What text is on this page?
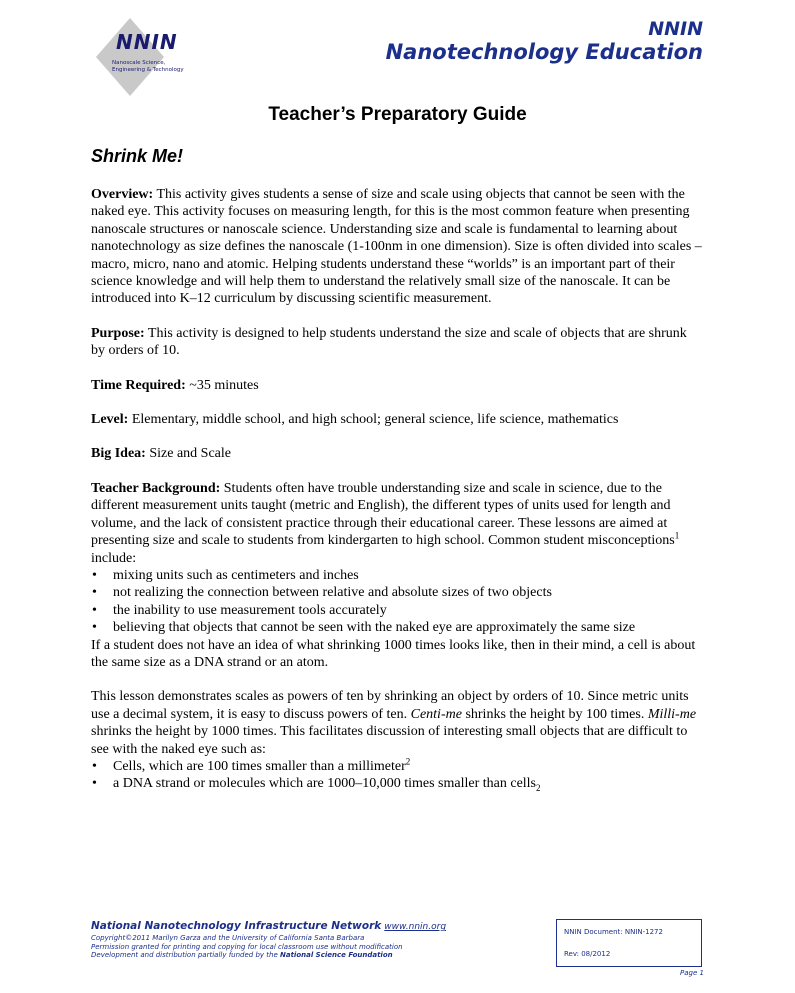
NNIN
Nanoscale Science,
Engineering & Technology
NNIN
Nanotechnology Education
Teacher’s Preparatory Guide
Shrink Me!

Overview: This activity gives students a sense of size and scale using objects that cannot be seen with the naked eye. This activity focuses on measuring length, for this is the most common feature when presenting nanoscale structures or nanoscale science. Understanding size and scale is fundamental to learning about nanotechnology as size defines the nanoscale (1-100nm in one dimension). Size is often divided into scales – macro, micro, nano and atomic. Helping students understand these “worlds” is an important part of their science knowledge and will help them to understand the relatively small size of the nanoscale. It can be introduced into K–12 curriculum by discussing scientific measurement.

Purpose: This activity is designed to help students understand the size and scale of objects that are shrunk by orders of 10.

Time Required: ~35 minutes

Level: Elementary, middle school, and high school; general science, life science, mathematics

Big Idea: Size and Scale

Teacher Background: Students often have trouble understanding size and scale in science, due to the different measurement units taught (metric and English), the different types of units used for length and volume, and the lack of consistent practice through their educational career. These lessons are aimed at presenting size and scale to students from kindergarten to high school. Common student misconceptions$^1$ include:

• mixing units such as centimeters and inches
• not realizing the connection between relative and absolute sizes of two objects
• the inability to use measurement tools accurately
• believing that objects that cannot be seen with the naked eye are approximately the same size

If a student does not have an idea of what shrinking 1000 times looks like, then in their mind, a cell is about the same size as a DNA strand or an atom.

This lesson demonstrates scales as powers of ten by shrinking an object by orders of 10. Since metric units use a decimal system, it is easy to discuss powers of ten. Centi-me shrinks the height by 100 times. Milli-me shrinks the height by 1000 times. This facilitates discussion of interesting small objects that are difficult to see with the naked eye such as:

• Cells, which are 100 times smaller than a millimeter$^2$
• a DNA strand or molecules which are 1000–10,000 times smaller than cells$_2$
National Nanotechnology Infrastructure Network www.nnin.org
Copyright©2011 Marilyn Garza and the University of California Santa Barbara
Permission granted for printing and copying for local classroom use without modification
Development and distribution partially funded by the National Science Foundation
NNIN Document: NNIN-1272
Rev: 08/2012
Page 1
